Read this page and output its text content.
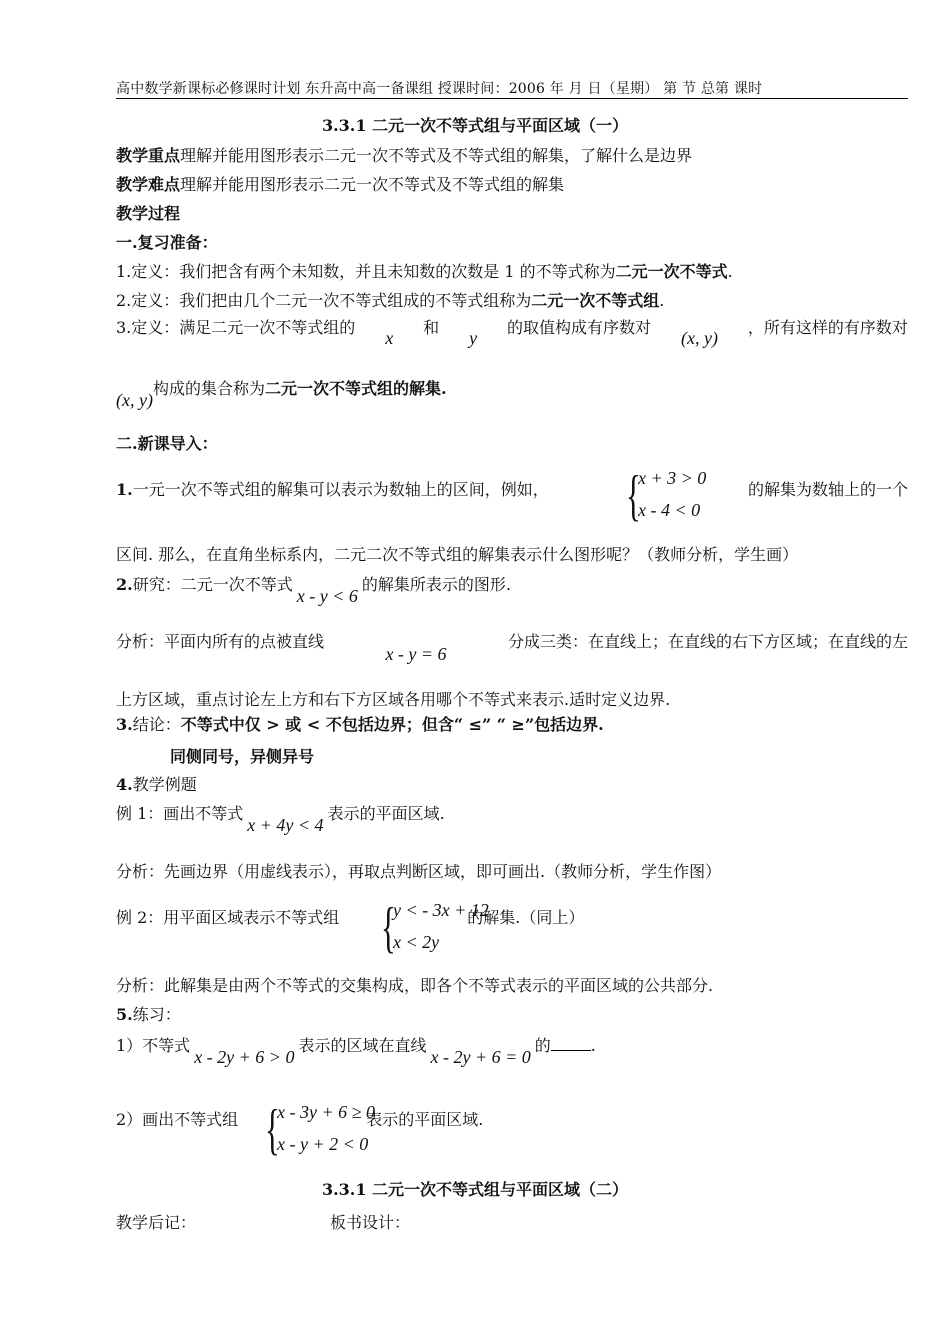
高中数学新课标必修课时计划 东升高中高一备课组 授课时间：2006 年 月 日（星期） 第 节 总第 课时
3.3.1 二元一次不等式组与平面区域（一）
教学重点理解并能用图形表示二元一次不等式及不等式组的解集，了解什么是边界
教学难点理解并能用图形表示二元一次不等式及不等式组的解集
教学过程
一.复习准备：
1.定义：我们把含有两个未知数，并且未知数的次数是 1 的不等式称为二元一次不等式.
2.定义：我们把由几个二元一次不等式组成的不等式组称为二元一次不等式组.
3.定义：满足二元一次不等式组的
x
和
y
的取值构成有序数对
(x, y)
，所有这样的有序数对
(x, y)构成的集合称为二元一次不等式组的解集.
二.新课导入：
1.一元一次不等式组的解集可以表示为数轴上的区间，例如，	的解集为数轴上的一个
{
x + 3 > 0
x - 4 < 0
区间. 那么，在直角坐标系内，二元二次不等式组的解集表示什么图形呢？（教师分析，学生画）
2.研究：二元一次不等式x - y < 6的解集所表示的图形.
分析：平面内所有的点被直线
x - y = 6
分成三类：在直线上；在直线的右下方区域；在直线的左
上方区域，重点讨论左上方和右下方区域各用哪个不等式来表示.适时定义边界.
3.结论：不等式中仅 > 或 < 不包括边界；但含“ ≤” “ ≥”包括边界.
同侧同号，异侧异号
4.教学例题
例 1：画出不等式x + 4y < 4表示的平面区域.
分析：先画边界（用虚线表示），再取点判断区域，即可画出.（教师分析，学生作图）
例 2：用平面区域表示不等式组	的解集.（同上）
{
y < - 3x + 12
x < 2y
分析：此解集是由两个不等式的交集构成，即各个不等式表示的平面区域的公共部分.
5.练习：
1）不等式x - 2y + 6 > 0表示的区域在直线x - 2y + 6 = 0的	.
2）画出不等式组	表示的平面区域.
{
x - 3y + 6 ≥ 0
x - y + 2 < 0
3.3.1 二元一次不等式组与平面区域（二）
教学后记：	板书设计：
